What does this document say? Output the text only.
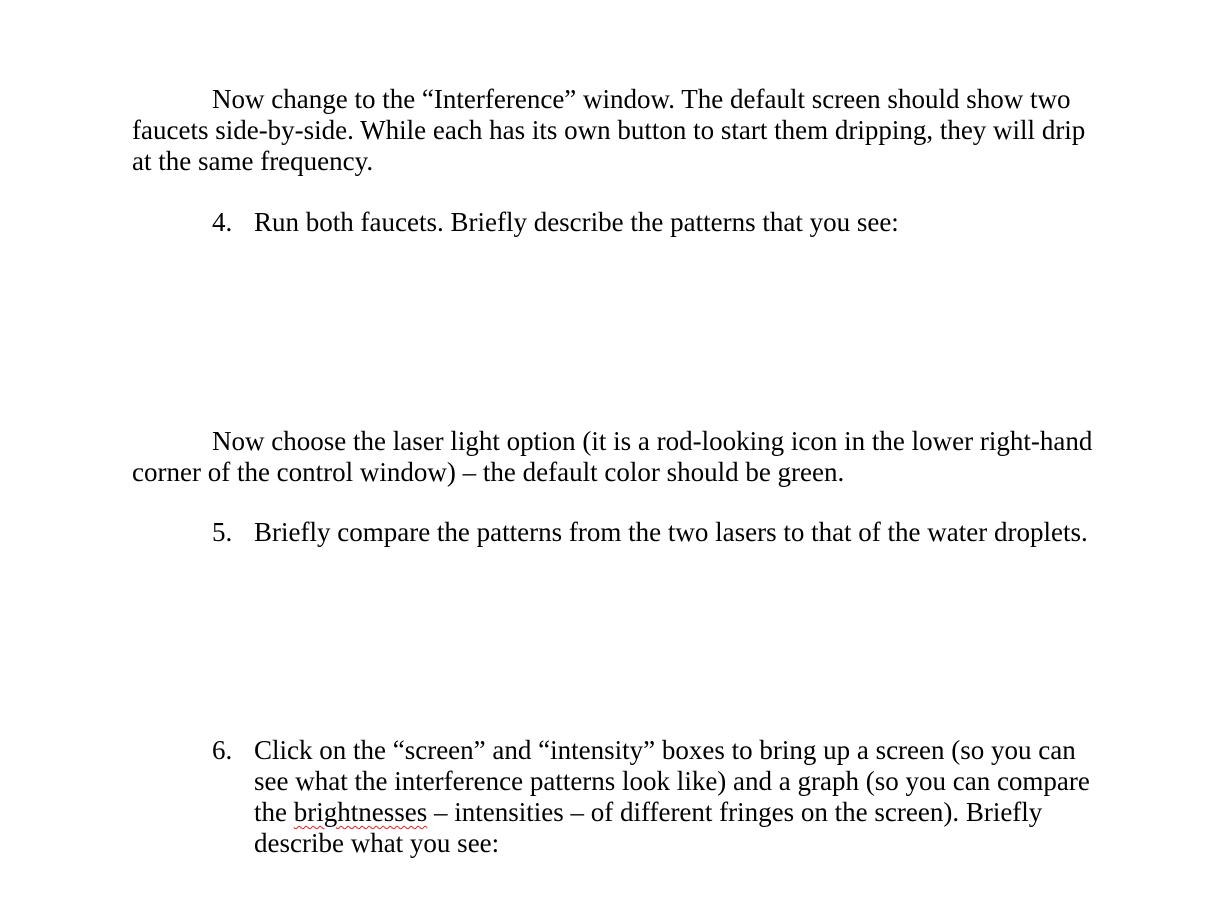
Now change to the “Interference” window. The default screen should show two
faucets side-by-side. While each has its own button to start them dripping, they will drip
at the same frequency.
4. Run both faucets. Briefly describe the patterns that you see:
Now choose the laser light option (it is a rod-looking icon in the lower right-hand
corner of the control window) – the default color should be green.
5. Briefly compare the patterns from the two lasers to that of the water droplets.
6. Click on the “screen” and “intensity” boxes to bring up a screen (so you can
see what the interference patterns look like) and a graph (so you can compare
the brightnesses – intensities – of different fringes on the screen). Briefly
describe what you see:
